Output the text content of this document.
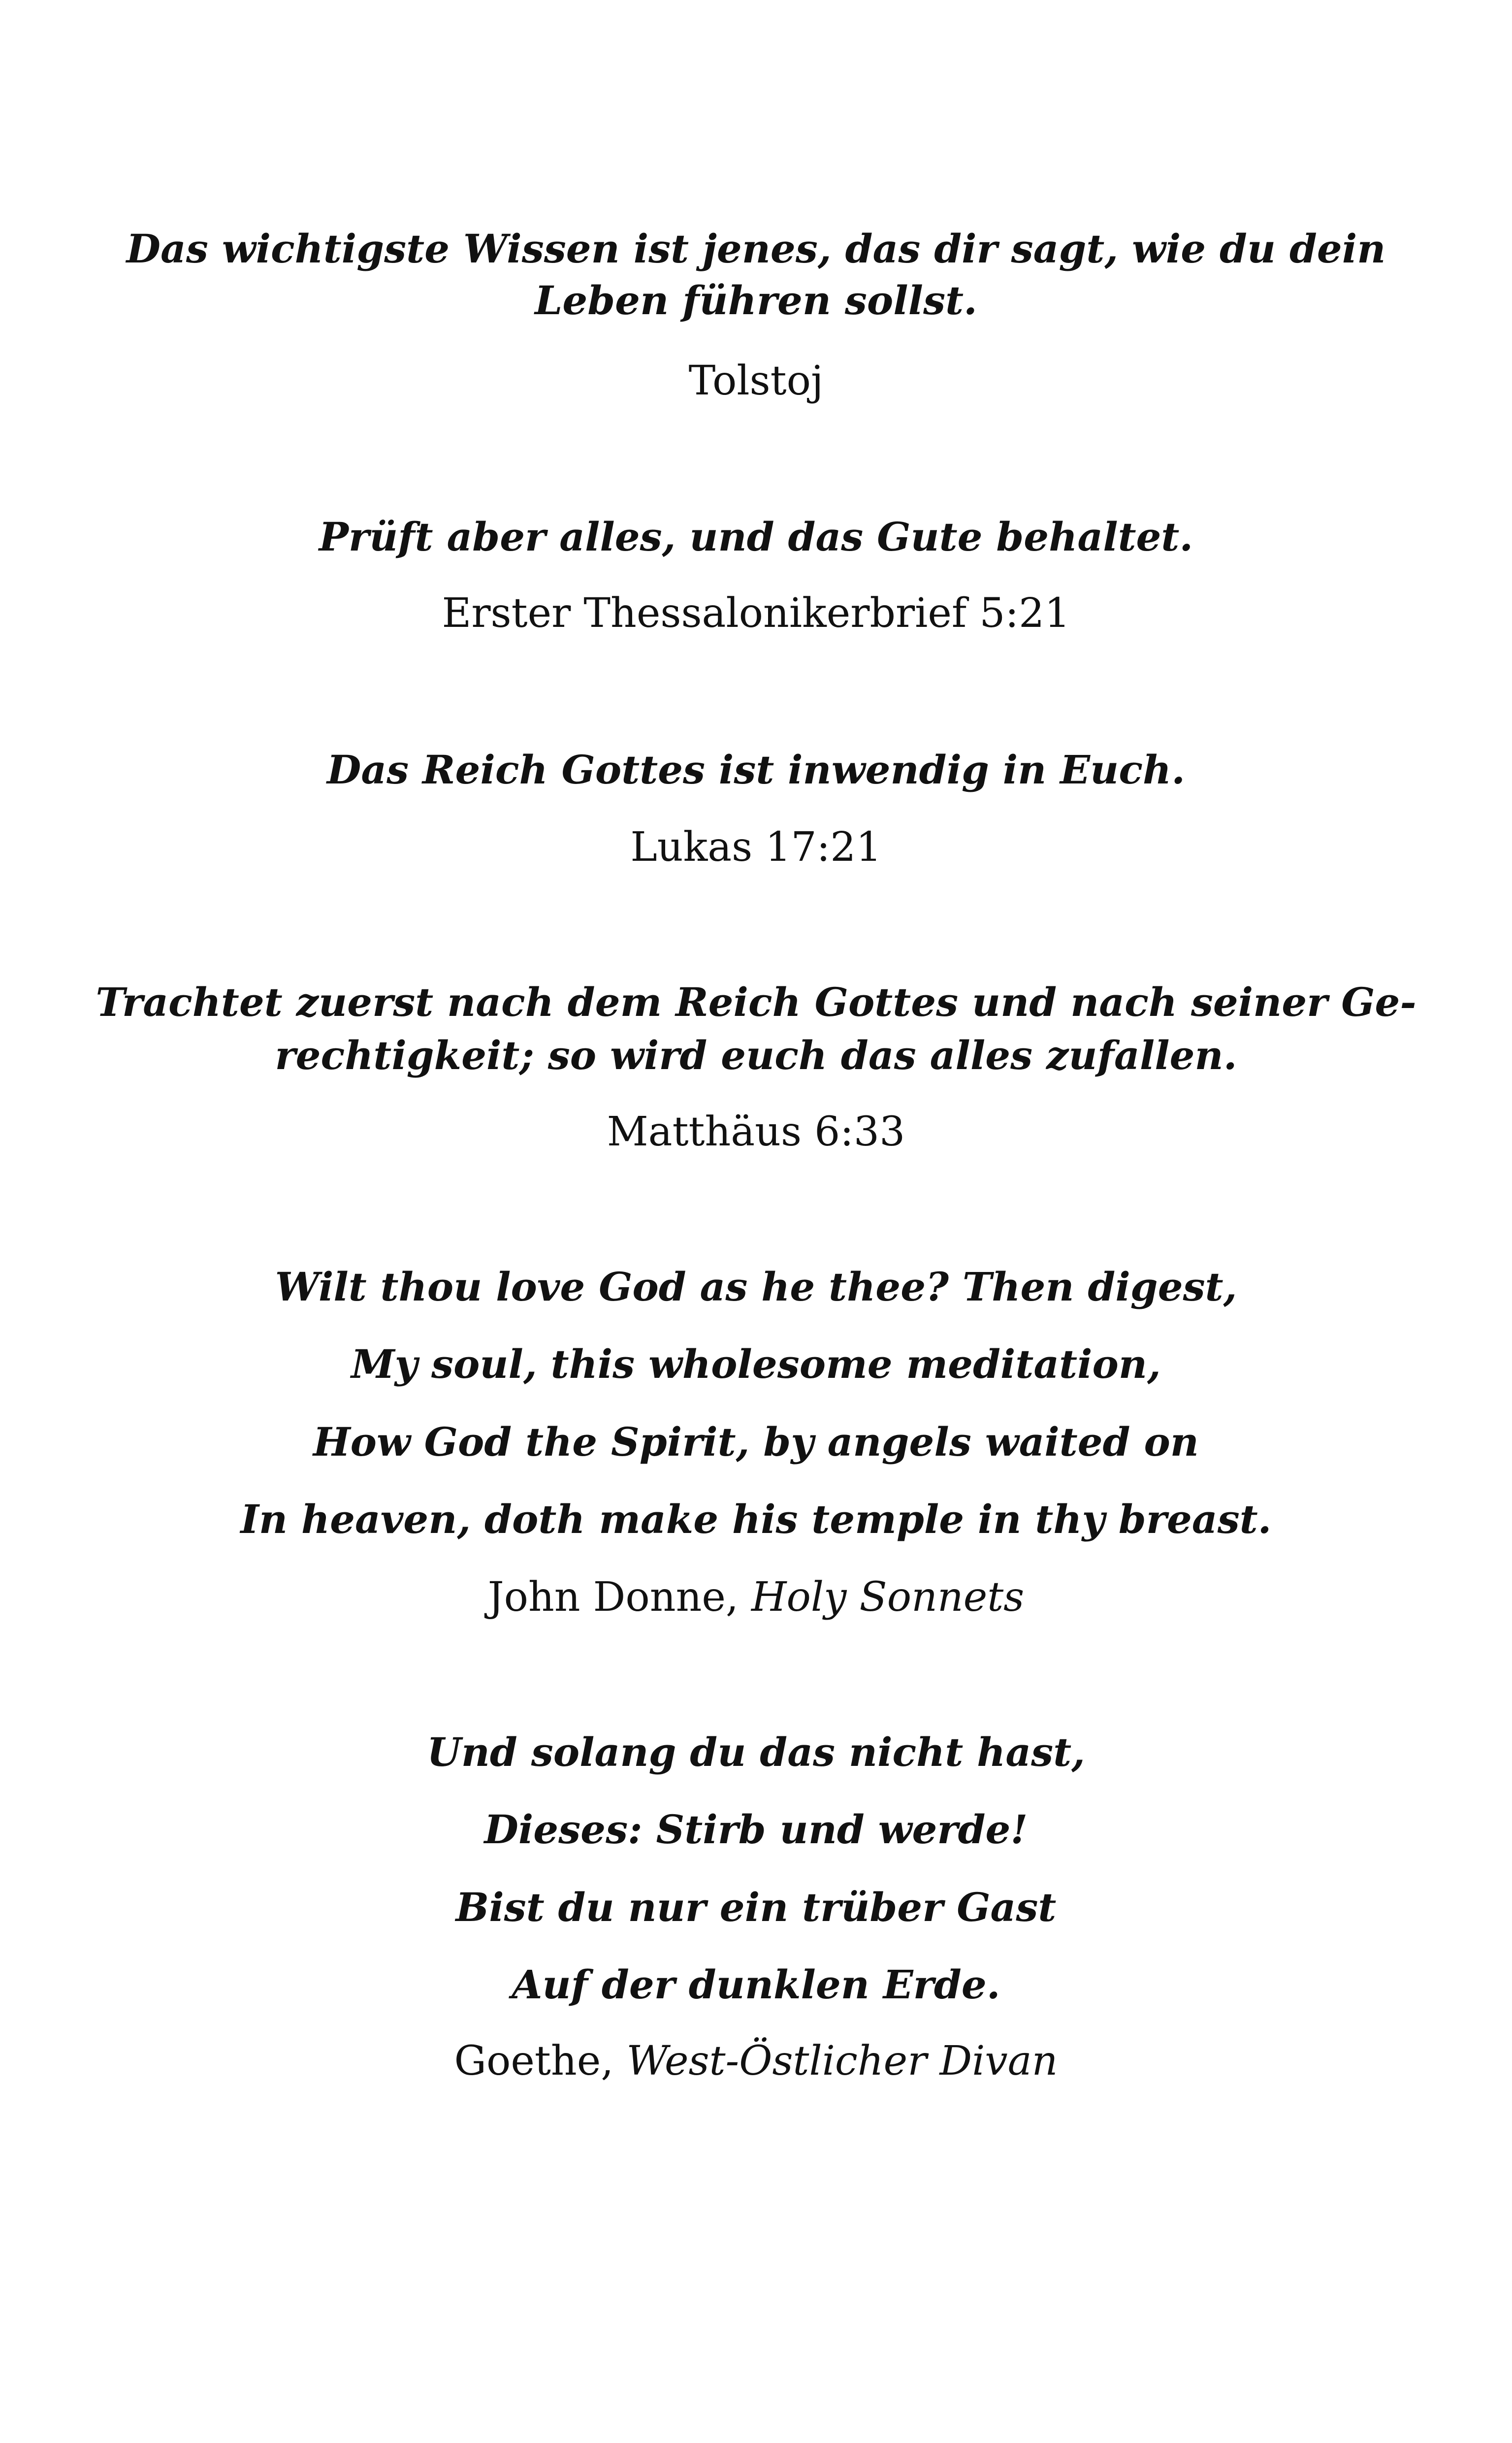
Das wichtigste Wissen ist jenes, das dir sagt, wie du dein
Leben führen sollst.
Tolstoj
Prüft aber alles, und das Gute behaltet.
Erster Thessalonikerbrief 5:21
Das Reich Gottes ist inwendig in Euch.
Lukas 17:21
Trachtet zuerst nach dem Reich Gottes und nach seiner Ge-
rechtigkeit; so wird euch das alles zufallen.
Matthäus 6:33
Wilt thou love God as he thee? Then digest,
My soul, this wholesome meditation,
How God the Spirit, by angels waited on
In heaven, doth make his temple in thy breast.
John Donne, Holy Sonnets
Und solang du das nicht hast,
Dieses: Stirb und werde!
Bist du nur ein trüber Gast
Auf der dunklen Erde.
Goethe, West-Östlicher Divan
